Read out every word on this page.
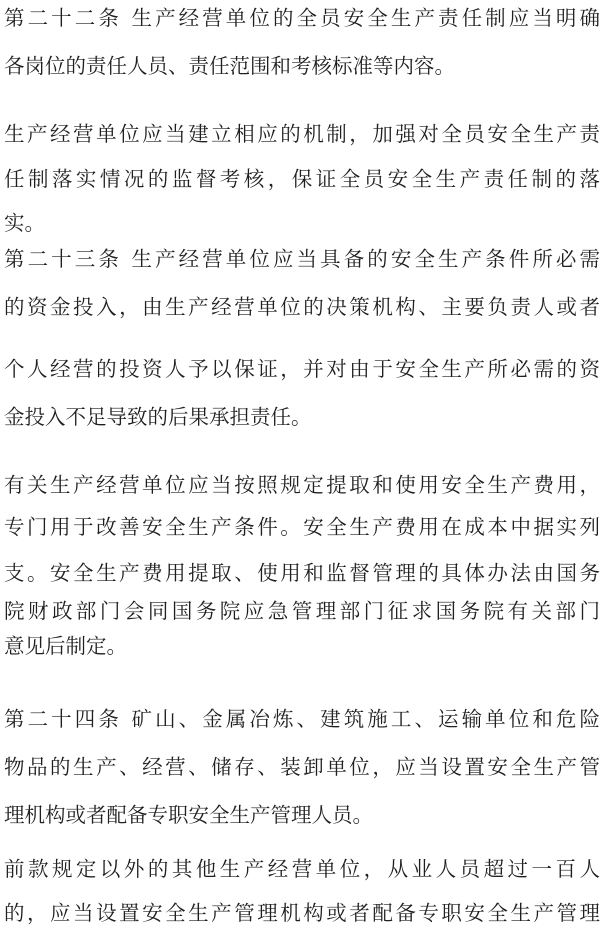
第二十二条 生产经营单位的全员安全生产责任制应当明确
各岗位的责任人员、责任范围和考核标准等内容。
生产经营单位应当建立相应的机制，加强对全员安全生产责
任制落实情况的监督考核，保证全员安全生产责任制的落
实。
第二十三条 生产经营单位应当具备的安全生产条件所必需
的资金投入，由生产经营单位的决策机构、主要负责人或者
个人经营的投资人予以保证，并对由于安全生产所必需的资
金投入不足导致的后果承担责任。
有关生产经营单位应当按照规定提取和使用安全生产费用，
专门用于改善安全生产条件。安全生产费用在成本中据实列
支。安全生产费用提取、使用和监督管理的具体办法由国务
院财政部门会同国务院应急管理部门征求国务院有关部门
意见后制定。
第二十四条 矿山、金属冶炼、建筑施工、运输单位和危险
物品的生产、经营、储存、装卸单位，应当设置安全生产管
理机构或者配备专职安全生产管理人员。
前款规定以外的其他生产经营单位，从业人员超过一百人
的，应当设置安全生产管理机构或者配备专职安全生产管理
